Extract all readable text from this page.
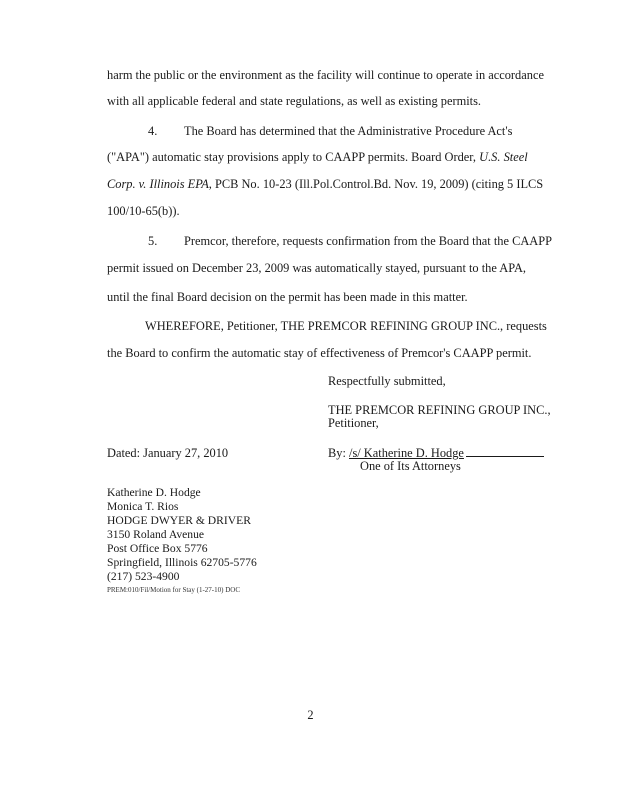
harm the public or the environment as the facility will continue to operate in accordance
with all applicable federal and state regulations, as well as existing permits.
4. The Board has determined that the Administrative Procedure Act's
("APA") automatic stay provisions apply to CAAPP permits. Board Order, U.S. Steel
Corp. v. Illinois EPA, PCB No. 10-23 (Ill.Pol.Control.Bd. Nov. 19, 2009) (citing 5 ILCS
100/10-65(b)).
5. Premcor, therefore, requests confirmation from the Board that the CAAPP
permit issued on December 23, 2009 was automatically stayed, pursuant to the APA,
until the final Board decision on the permit has been made in this matter.
WHEREFORE, Petitioner, THE PREMCOR REFINING GROUP INC., requests
the Board to confirm the automatic stay of effectiveness of Premcor's CAAPP permit.
Respectfully submitted,
THE PREMCOR REFINING GROUP INC.,
Petitioner,
Dated: January 27, 2010	By: /s/ Katherine D. Hodge
One of Its Attorneys
Katherine D. Hodge
Monica T. Rios
HODGE DWYER & DRIVER
3150 Roland Avenue
Post Office Box 5776
Springfield, Illinois 62705-5776
(217) 523-4900
PREM:010/Fil/Motion for Stay (1-27-10) DOC
2
